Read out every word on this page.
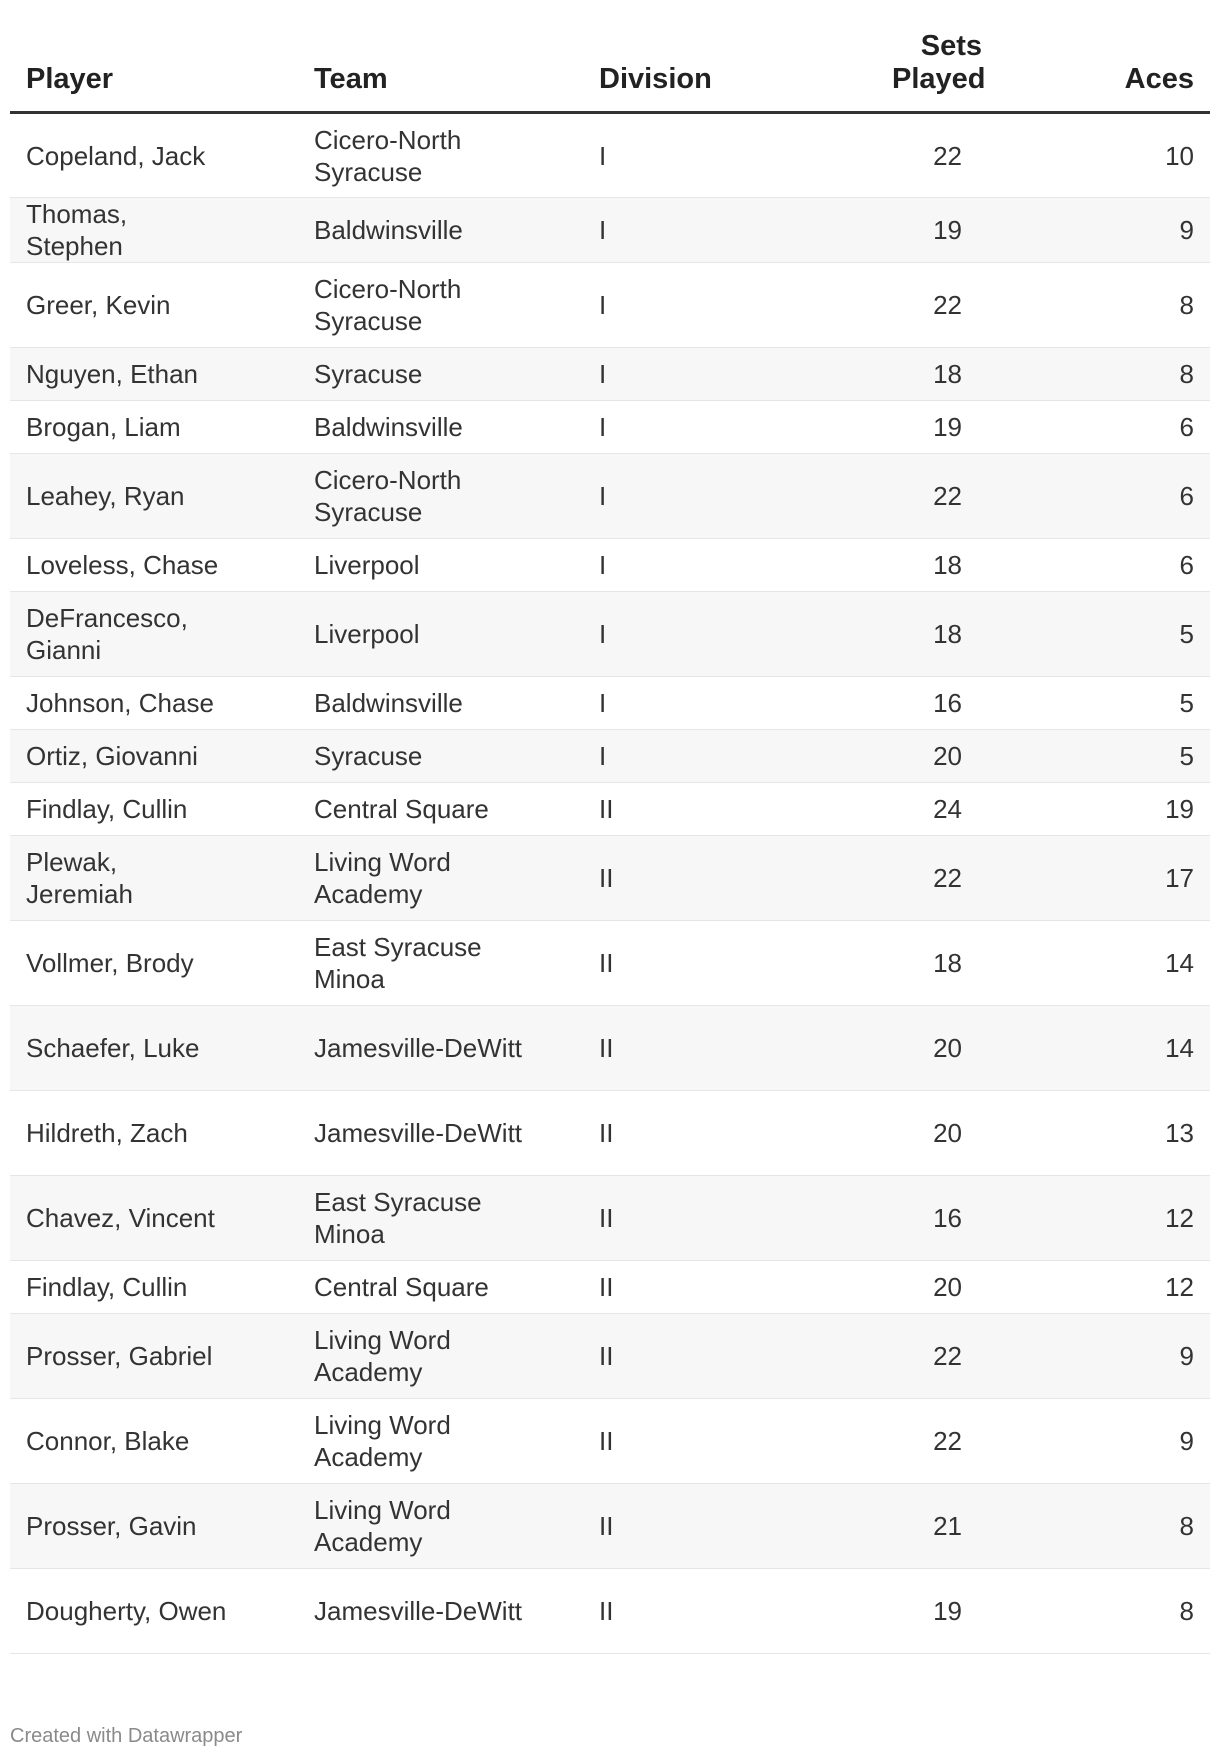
Player	Team	Division	Sets Played	Aces
Copeland, Jack	Cicero-North Syracuse	I	22	10
Thomas, Stephen	Baldwinsville	I	19	9
Greer, Kevin	Cicero-North Syracuse	I	22	8
Nguyen, Ethan	Syracuse	I	18	8
Brogan, Liam	Baldwinsville	I	19	6
Leahey, Ryan	Cicero-North Syracuse	I	22	6
Loveless, Chase	Liverpool	I	18	6
DeFrancesco, Gianni	Liverpool	I	18	5
Johnson, Chase	Baldwinsville	I	16	5
Ortiz, Giovanni	Syracuse	I	20	5
Findlay, Cullin	Central Square	II	24	19
Plewak, Jeremiah	Living Word Academy	II	22	17
Vollmer, Brody	East Syracuse Minoa	II	18	14
Schaefer, Luke	Jamesville-DeWitt	II	20	14
Hildreth, Zach	Jamesville-DeWitt	II	20	13
Chavez, Vincent	East Syracuse Minoa	II	16	12
Findlay, Cullin	Central Square	II	20	12
Prosser, Gabriel	Living Word Academy	II	22	9
Connor, Blake	Living Word Academy	II	22	9
Prosser, Gavin	Living Word Academy	II	21	8
Dougherty, Owen	Jamesville-DeWitt	II	19	8
Created with Datawrapper
